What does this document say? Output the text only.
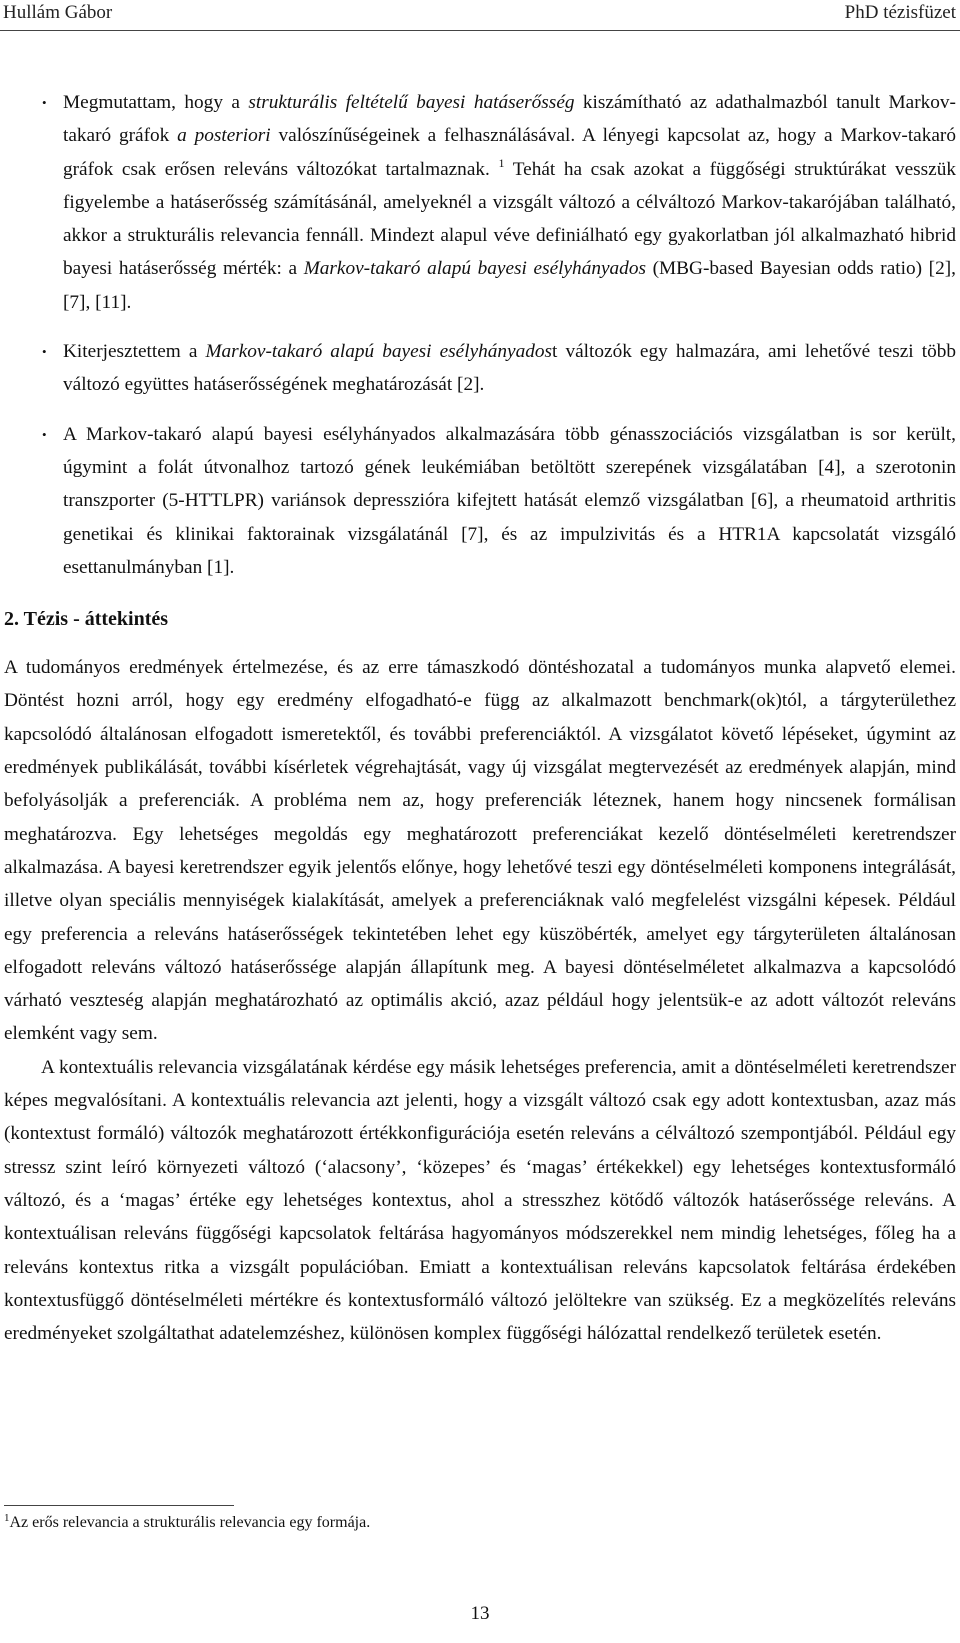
Hullám Gábor	PhD tézisfüzet
• Megmutattam, hogy a strukturális feltételű bayesi hatáserősség kiszámítható az adathalmazból tanult Markov-takaró gráfok a posteriori valószínűségeinek a felhasználásával. A lényegi kapcsolat az, hogy a Markov-takaró gráfok csak erősen releváns változókat tartalmaznak. $^1$ Tehát ha csak azokat a függőségi struktúrákat vesszük figyelembe a hatáserősség számításánál, amelyeknél a vizsgált változó a célváltozó Markov-takarójában található, akkor a strukturális relevancia fennáll. Mindezt alapul véve definiálható egy gyakorlatban jól alkalmazható hibrid bayesi hatáserősség mérték: a Markov-takaró alapú bayesi esélyhányados (MBG-based Bayesian odds ratio) [2], [7], [11].
• Kiterjesztettem a Markov-takaró alapú bayesi esélyhányadost változók egy halmazára, ami lehetővé teszi több változó együttes hatáserősségének meghatározását [2].
• A Markov-takaró alapú bayesi esélyhányados alkalmazására több génasszociációs vizsgálatban is sor került, úgymint a folát útvonalhoz tartozó gének leukémiában betöltött szerepének vizsgálatában [4], a szerotonin transzporter (5-HTTLPR) variánsok depresszióra kifejtett hatását elemző vizsgálatban [6], a rheumatoid arthritis genetikai és klinikai faktorainak vizsgálatánál [7], és az impulzivitás és a HTR1A kapcsolatát vizsgáló esettanulmányban [1].
2. Tézis - áttekintés

A tudományos eredmények értelmezése, és az erre támaszkodó döntéshozatal a tudományos munka alapvető elemei. Döntést hozni arról, hogy egy eredmény elfogadható-e függ az alkalmazott benchmark(ok)tól, a tárgyterülethez kapcsolódó általánosan elfogadott ismeretektől, és további preferenciáktól. A vizsgálatot követő lépéseket, úgymint az eredmények publikálását, további kísérletek végrehajtását, vagy új vizsgálat megtervezését az eredmények alapján, mind befolyásolják a preferenciák. A probléma nem az, hogy preferenciák léteznek, hanem hogy nincsenek formálisan meghatározva. Egy lehetséges megoldás egy meghatározott preferenciákat kezelő döntéselméleti keretrendszer alkalmazása. A bayesi keretrendszer egyik jelentős előnye, hogy lehetővé teszi egy döntéselméleti komponens integrálását, illetve olyan speciális mennyiségek kialakítását, amelyek a preferenciáknak való megfelelést vizsgálni képesek. Például egy preferencia a releváns hatáserősségek tekintetében lehet egy küszöbérték, amelyet egy tárgyterületen általánosan elfogadott releváns változó hatáserőssége alapján állapítunk meg. A bayesi döntéselméletet alkalmazva a kapcsolódó várható veszteség alapján meghatározható az optimális akció, azaz például hogy jelentsük-e az adott változót releváns elemként vagy sem.

A kontextuális relevancia vizsgálatának kérdése egy másik lehetséges preferencia, amit a döntéselméleti keretrendszer képes megvalósítani. A kontextuális relevancia azt jelenti, hogy a vizsgált változó csak egy adott kontextusban, azaz más (kontextust formáló) változók meghatározott értékkonfigurációja esetén releváns a célváltozó szempontjából. Például egy stressz szint leíró környezeti változó (‘alacsony’, ‘közepes’ és ‘magas’ értékekkel) egy lehetséges kontextusformáló változó, és a ‘magas’ értéke egy lehetséges kontextus, ahol a stresszhez kötődő változók hatáserőssége releváns. A kontextuálisan releváns függőségi kapcsolatok feltárása hagyományos módszerekkel nem mindig lehetséges, főleg ha a releváns kontextus ritka a vizsgált populációban. Emiatt a kontextuálisan releváns kapcsolatok feltárása érdekében kontextusfüggő döntéselméleti mértékre és kontextusformáló változó jelöltekre van szükség. Ez a megközelítés releváns eredményeket szolgáltathat adatelemzéshez, különösen komplex függőségi hálózattal rendelkező területek esetén.

$^1$Az erős relevancia a strukturális relevancia egy formája.
13
